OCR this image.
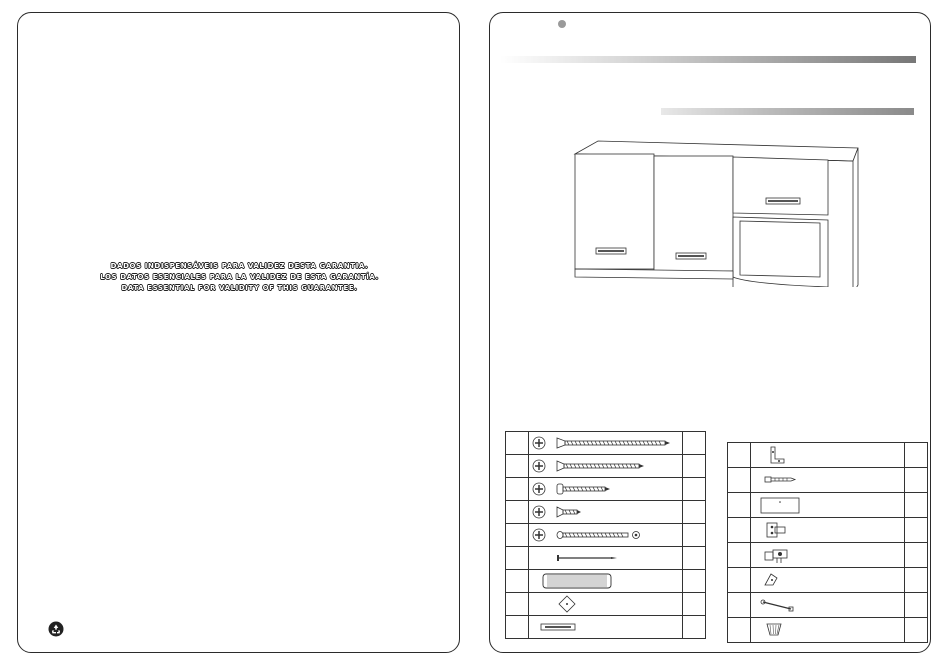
DADOS INDISPENSÁVEIS PARA VALIDEZ DESTA GARANTIA.
LOS DATOS ESENCIALES PARA LA VALIDEZ DE ESTA GARANTÍA.
DATA ESSENTIAL FOR VALIDITY OF THIS GUARANTEE.
